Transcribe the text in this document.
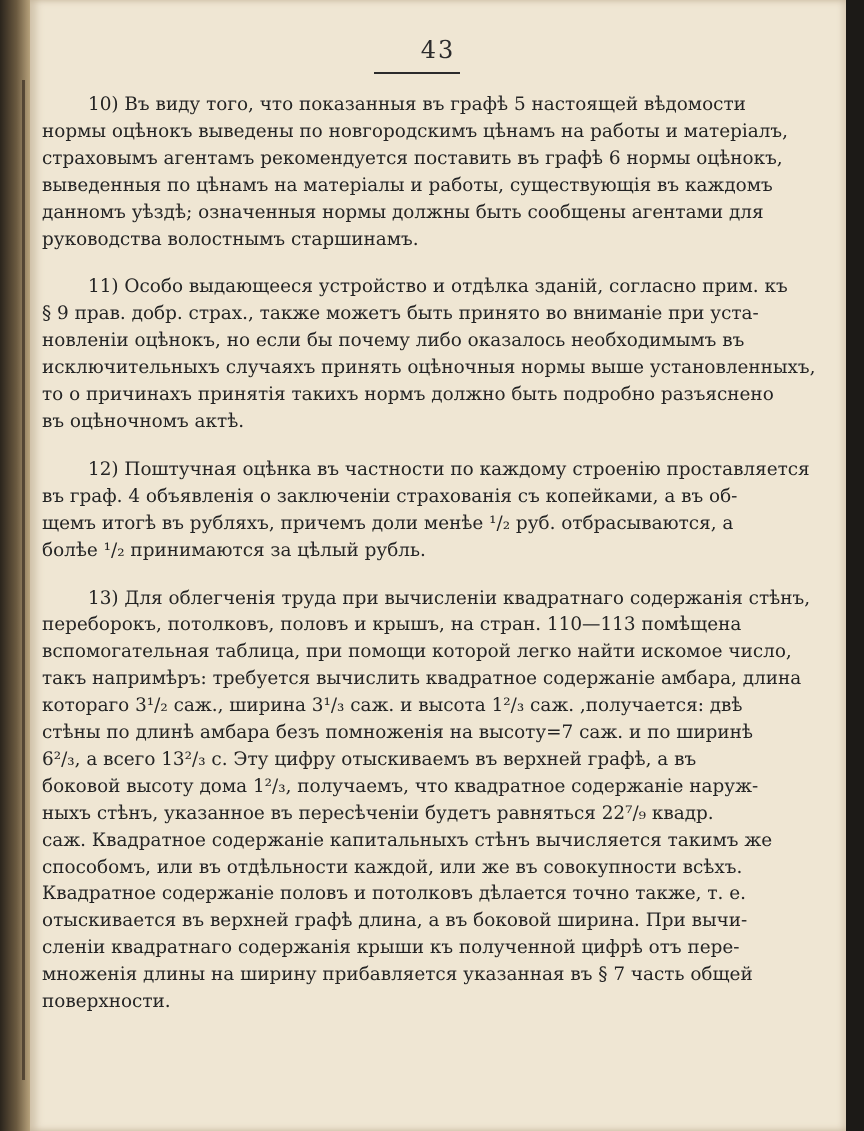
43
10) Въ виду того, что показанныя въ графѣ 5 настоящей вѣдомости
нормы оцѣнокъ выведены по новгородскимъ цѣнамъ на работы и матеріалъ,
страховымъ агентамъ рекомендуется поставить въ графѣ 6 нормы оцѣнокъ,
выведенныя по цѣнамъ на матеріалы и работы, существующія въ каждомъ
данномъ уѣздѣ; означенныя нормы должны быть сообщены агентами для
руководства волостнымъ старшинамъ.
11) Особо выдающееся устройство и отдѣлка зданій, согласно прим. къ
§ 9 прав. добр. страх., также можетъ быть принято во вниманіе при уста-
новленіи оцѣнокъ, но если бы почему либо оказалось необходимымъ въ
исключительныхъ случаяхъ принять оцѣночныя нормы выше установленныхъ,
то о причинахъ принятія такихъ нормъ должно быть подробно разъяснено
въ оцѣночномъ актѣ.
12) Поштучная оцѣнка въ частности по каждому строенію проставляется
въ граф. 4 объявленія о заключеніи страхованія съ копейками, а въ об-
щемъ итогѣ въ рубляхъ, причемъ доли менѣе ¹/₂ руб. отбрасываются, а
болѣе ¹/₂ принимаются за цѣлый рубль.
13) Для облегченія труда при вычисленіи квадратнаго содержанія стѣнъ,
переборокъ, потолковъ, половъ и крышъ, на стран. 110—113 помѣщена
вспомогательная таблица, при помощи которой легко найти искомое число,
такъ напримѣръ: требуется вычислить квадратное содержаніе амбара, длина
котораго 3¹/₂ саж., ширина 3¹/₃ саж. и высота 1²/₃ саж. ,получается: двѣ
стѣны по длинѣ амбара безъ помноженія на высоту=7 саж. и по ширинѣ
6²/₃, а всего 13²/₃ с. Эту цифру отыскиваемъ въ верхней графѣ, а въ
боковой высоту дома 1²/₃, получаемъ, что квадратное содержаніе наруж-
ныхъ стѣнъ, указанное въ пересѣченіи будетъ равняться 22⁷/₉ квадр.
саж. Квадратное содержаніе капитальныхъ стѣнъ вычисляется такимъ же
способомъ, или въ отдѣльности каждой, или же въ совокупности всѣхъ.
Квадратное содержаніе половъ и потолковъ дѣлается точно также, т. е.
отыскивается въ верхней графѣ длина, а въ боковой ширина. При вычи-
сленіи квадратнаго содержанія крыши къ полученной цифрѣ отъ пере-
множенія длины на ширину прибавляется указанная въ § 7 часть общей
поверхности.
